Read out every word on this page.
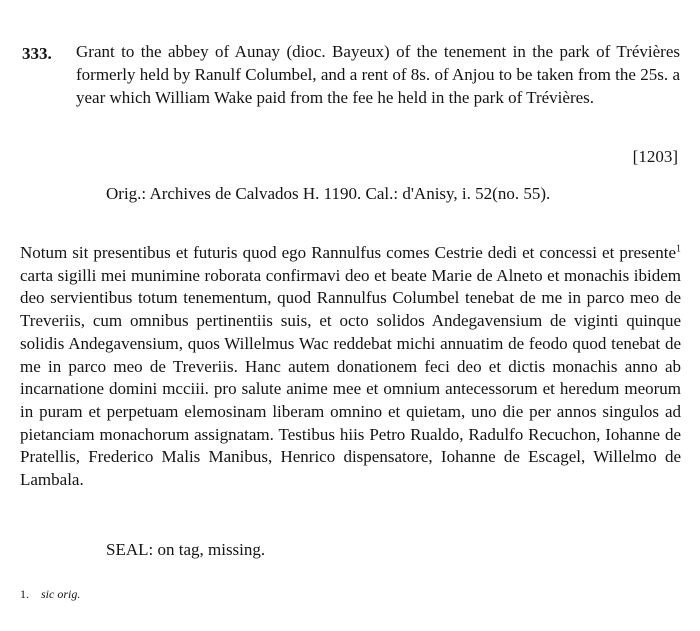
333. Grant to the abbey of Aunay (dioc. Bayeux) of the tenement in the park of Trévières formerly held by Ranulf Columbel, and a rent of 8s. of Anjou to be taken from the 25s. a year which William Wake paid from the fee he held in the park of Trévières.
[1203]
Orig.: Archives de Calvados H. 1190. Cal.: d'Anisy, i. 52(no. 55).
Notum sit presentibus et futuris quod ego Rannulfus comes Cestrie dedi et concessi et presente$^1$ carta sigilli mei munimine roborata confirmavi deo et beate Marie de Alneto et monachis ibidem deo servientibus totum tenementum, quod Rannulfus Columbel tenebat de me in parco meo de Treveriis, cum omnibus pertinentiis suis, et octo solidos Andegavensium de viginti quinque solidis Andegavensium, quos Willelmus Wac reddebat michi annuatim de feodo quod tenebat de me in parco meo de Treveriis. Hanc autem donationem feci deo et dictis monachis anno ab incarnatione domini mcciii. pro salute anime mee et omnium antecessorum et heredum meorum in puram et perpetuam elemosinam liberam omnino et quietam, uno die per annos singulos ad pietanciam monachorum assignatam. Testibus hiis Petro Rualdo, Radulfo Recuchon, Iohanne de Pratellis, Frederico Malis Manibus, Henrico dispensatore, Iohanne de Escagel, Willelmo de Lambala.
SEAL: on tag, missing.
1. sic orig.
